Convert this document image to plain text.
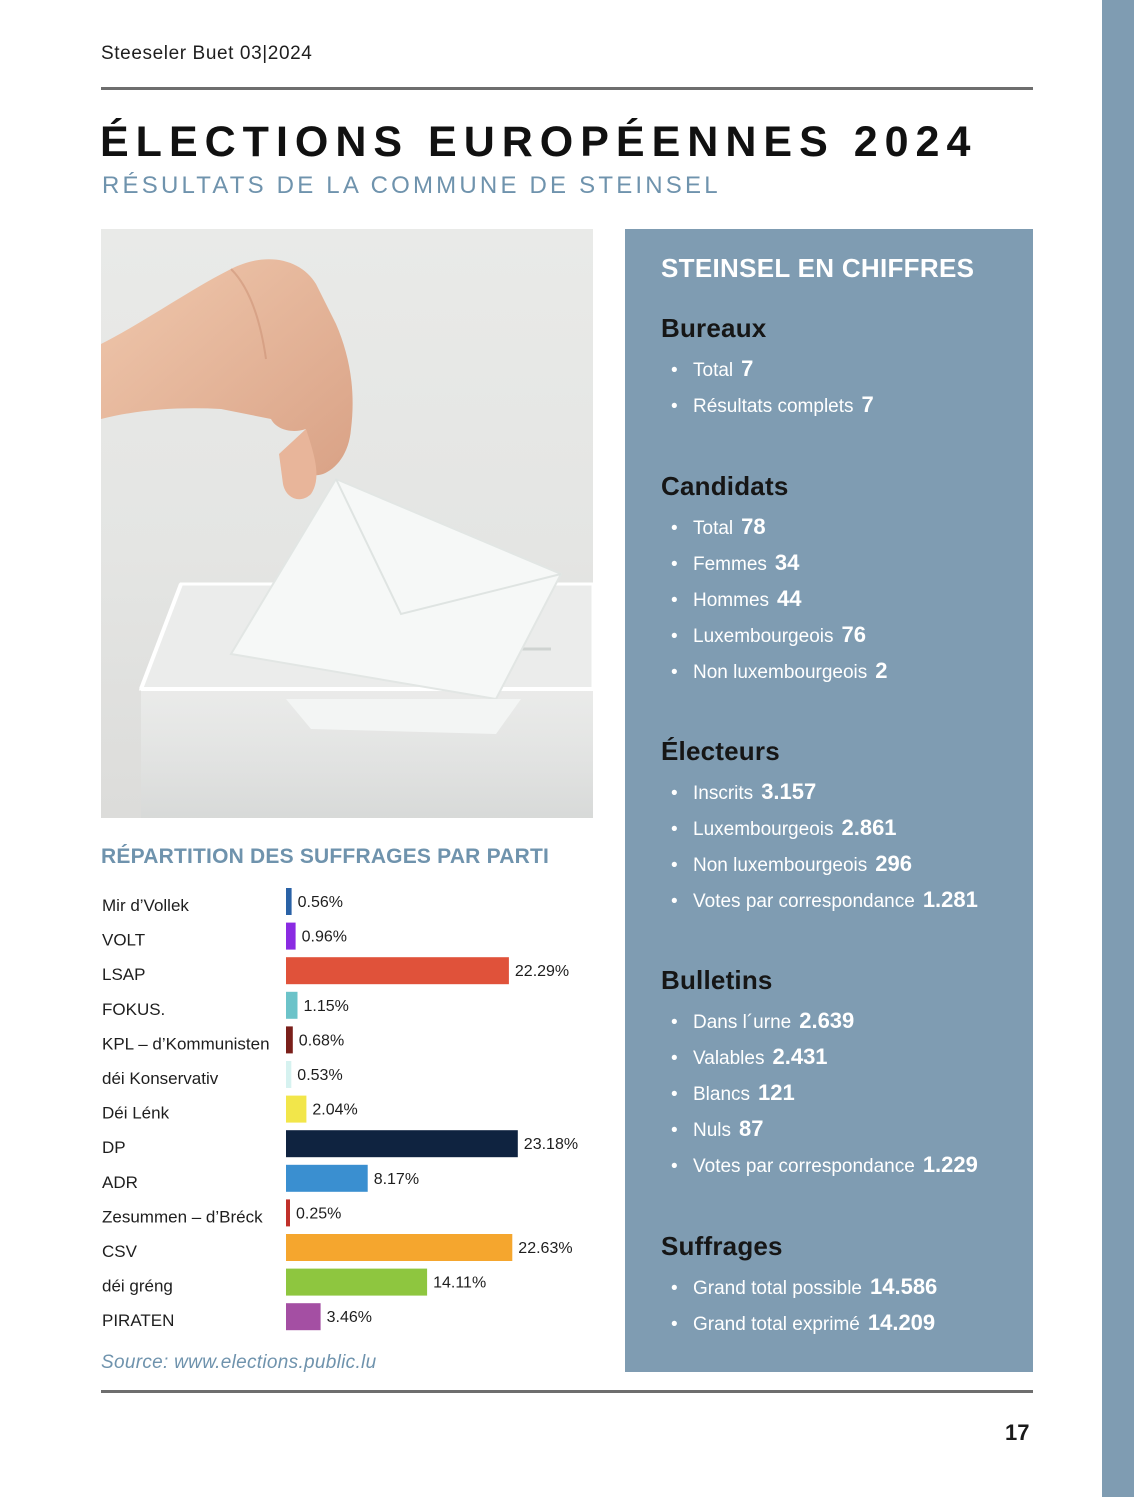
Steeseler Buet 03|2024
ÉLECTIONS EUROPÉENNES 2024
RÉSULTATS DE LA COMMUNE DE STEINSEL
STEINSEL EN CHIFFRES
Bureaux
• Total 7
• Résultats complets 7
Candidats
• Total 78
• Femmes 34
• Hommes 44
• Luxembourgeois 76
• Non luxembourgeois 2
Électeurs
• Inscrits 3.157
• Luxembourgeois 2.861
• Non luxembourgeois 296
• Votes par correspondance 1.281
Bulletins
• Dans l´urne 2.639
• Valables 2.431
• Blancs 121
• Nuls 87
• Votes par correspondance 1.229
Suffrages
• Grand total possible 14.586
• Grand total exprimé 14.209
RÉPARTITION DES SUFFRAGES PAR PARTI
Mir d’Vollek	0.56%
VOLT	0.96%
LSAP	22.29%
FOKUS.	1.15%
KPL – d’Kommunisten 0.68%
déi Konservativ	0.53%
Déi Lénk	2.04%
DP	23.18%
ADR	8.17%
Zesummen – d’Bréck 0.25%
CSV	22.63%
déi gréng	14.11%
PIRATEN	3.46%
Source: www.elections.public.lu
17
